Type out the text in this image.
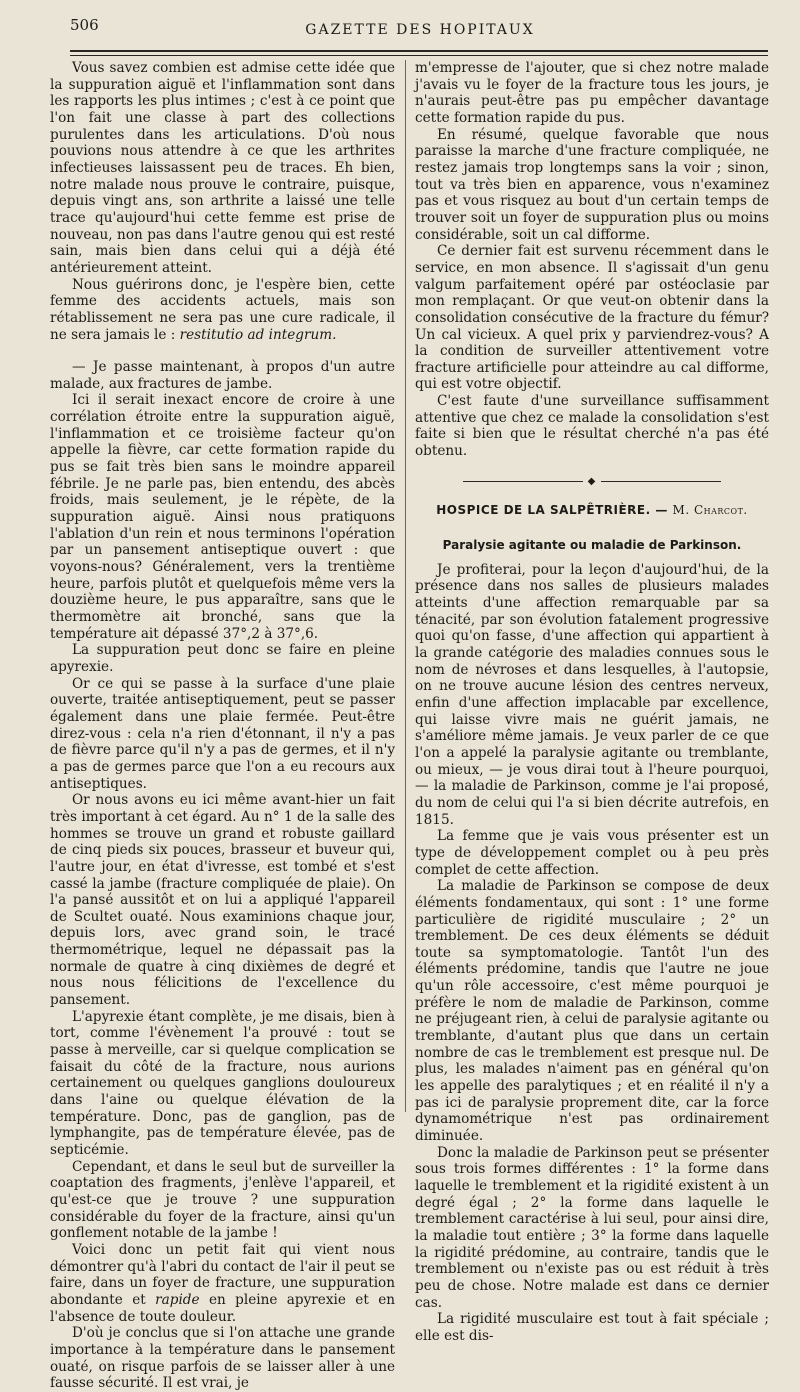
506	GAZETTE DES HOPITAUX

Vous savez combien est admise cette idée que la suppuration aiguë et l'inflammation sont dans les rapports les plus intimes ; c'est à ce point que l'on fait une classe à part des collections purulentes dans les articulations. D'où nous pouvions nous attendre à ce que les arthrites infectieuses laissassent peu de traces. Eh bien, notre malade nous prouve le contraire, puisque, depuis vingt ans, son arthrite a laissé une telle trace qu'aujourd'hui cette femme est prise de nouveau, non pas dans l'autre genou qui est resté sain, mais bien dans celui qui a déjà été antérieurement atteint.

Nous guérirons donc, je l'espère bien, cette femme des accidents actuels, mais son rétablissement ne sera pas une cure radicale, il ne sera jamais le : restitutio ad integrum.

— Je passe maintenant, à propos d'un autre malade, aux fractures de jambe.

Ici il serait inexact encore de croire à une corrélation étroite entre la suppuration aiguë, l'inflammation et ce troisième facteur qu'on appelle la fièvre, car cette formation rapide du pus se fait très bien sans le moindre appareil fébrile. Je ne parle pas, bien entendu, des abcès froids, mais seulement, je le répète, de la suppuration aiguë. Ainsi nous pratiquons l'ablation d'un rein et nous terminons l'opération par un pansement antiseptique ouvert : que voyons-nous? Généralement, vers la trentième heure, parfois plutôt et quelquefois même vers la douzième heure, le pus apparaître, sans que le thermomètre ait bronché, sans que la température ait dépassé 37°,2 à 37°,6.

La suppuration peut donc se faire en pleine apyrexie.

Or ce qui se passe à la surface d'une plaie ouverte, traitée antiseptiquement, peut se passer également dans une plaie fermée. Peut-être direz-vous : cela n'a rien d'étonnant, il n'y a pas de fièvre parce qu'il n'y a pas de germes, et il n'y a pas de germes parce que l'on a eu recours aux antiseptiques.

Or nous avons eu ici même avant-hier un fait très important à cet égard. Au n° 1 de la salle des hommes se trouve un grand et robuste gaillard de cinq pieds six pouces, brasseur et buveur qui, l'autre jour, en état d'ivresse, est tombé et s'est cassé la jambe (fracture compliquée de plaie). On l'a pansé aussitôt et on lui a appliqué l'appareil de Scultet ouaté. Nous examinions chaque jour, depuis lors, avec grand soin, le tracé thermométrique, lequel ne dépassait pas la normale de quatre à cinq dixièmes de degré et nous nous félicitions de l'excellence du pansement.

L'apyrexie étant complète, je me disais, bien à tort, comme l'évènement l'a prouvé : tout se passe à merveille, car si quelque complication se faisait du côté de la fracture, nous aurions certainement ou quelques ganglions douloureux dans l'aine ou quelque élévation de la température. Donc, pas de ganglion, pas de lymphangite, pas de température élevée, pas de septicémie.

Cependant, et dans le seul but de surveiller la coaptation des fragments, j'enlève l'appareil, et qu'est-ce que je trouve ? une suppuration considérable du foyer de la fracture, ainsi qu'un gonflement notable de la jambe !

Voici donc un petit fait qui vient nous démontrer qu'à l'abri du contact de l'air il peut se faire, dans un foyer de fracture, une suppuration abondante et rapide en pleine apyrexie et en l'absence de toute douleur.

D'où je conclus que si l'on attache une grande importance à la température dans le pansement ouaté, on risque parfois de se laisser aller à une fausse sécurité. Il est vrai, je

m'empresse de l'ajouter, que si chez notre malade j'avais vu le foyer de la fracture tous les jours, je n'aurais peut-être pas pu empêcher davantage cette formation rapide du pus.

En résumé, quelque favorable que nous paraisse la marche d'une fracture compliquée, ne restez jamais trop longtemps sans la voir ; sinon, tout va très bien en apparence, vous n'examinez pas et vous risquez au bout d'un certain temps de trouver soit un foyer de suppuration plus ou moins considérable, soit un cal difforme.

Ce dernier fait est survenu récemment dans le service, en mon absence. Il s'agissait d'un genu valgum parfaitement opéré par ostéoclasie par mon remplaçant. Or que veut-on obtenir dans la consolidation consécutive de la fracture du fémur? Un cal vicieux. A quel prix y parviendrez-vous? A la condition de surveiller attentivement votre fracture artificielle pour atteindre au cal difforme, qui est votre objectif.

C'est faute d'une surveillance suffisamment attentive que chez ce malade la consolidation s'est faite si bien que le résultat cherché n'a pas été obtenu.

◆
HOSPICE DE LA SALPÊTRIÈRE. — M. Charcot.
Paralysie agitante ou maladie de Parkinson.

Je profiterai, pour la leçon d'aujourd'hui, de la présence dans nos salles de plusieurs malades atteints d'une affection remarquable par sa ténacité, par son évolution fatalement progressive quoi qu'on fasse, d'une affection qui appartient à la grande catégorie des maladies connues sous le nom de névroses et dans lesquelles, à l'autopsie, on ne trouve aucune lésion des centres nerveux, enfin d'une affection implacable par excellence, qui laisse vivre mais ne guérit jamais, ne s'améliore même jamais. Je veux parler de ce que l'on a appelé la paralysie agitante ou tremblante, ou mieux, — je vous dirai tout à l'heure pourquoi, — la maladie de Parkinson, comme je l'ai proposé, du nom de celui qui l'a si bien décrite autrefois, en 1815.

La femme que je vais vous présenter est un type de développement complet ou à peu près complet de cette affection.

La maladie de Parkinson se compose de deux éléments fondamentaux, qui sont : 1° une forme particulière de rigidité musculaire ; 2° un tremblement. De ces deux éléments se déduit toute sa symptomatologie. Tantôt l'un des éléments prédomine, tandis que l'autre ne joue qu'un rôle accessoire, c'est même pourquoi je préfère le nom de maladie de Parkinson, comme ne préjugeant rien, à celui de paralysie agitante ou tremblante, d'autant plus que dans un certain nombre de cas le tremblement est presque nul. De plus, les malades n'aiment pas en général qu'on les appelle des paralytiques ; et en réalité il n'y a pas ici de paralysie proprement dite, car la force dynamométrique n'est pas ordinairement diminuée.

Donc la maladie de Parkinson peut se présenter sous trois formes différentes : 1° la forme dans laquelle le tremblement et la rigidité existent à un degré égal ; 2° la forme dans laquelle le tremblement caractérise à lui seul, pour ainsi dire, la maladie tout entière ; 3° la forme dans laquelle la rigidité prédomine, au contraire, tandis que le tremblement ou n'existe pas ou est réduit à très peu de chose. Notre malade est dans ce dernier cas.

La rigidité musculaire est tout à fait spéciale ; elle est dis-
